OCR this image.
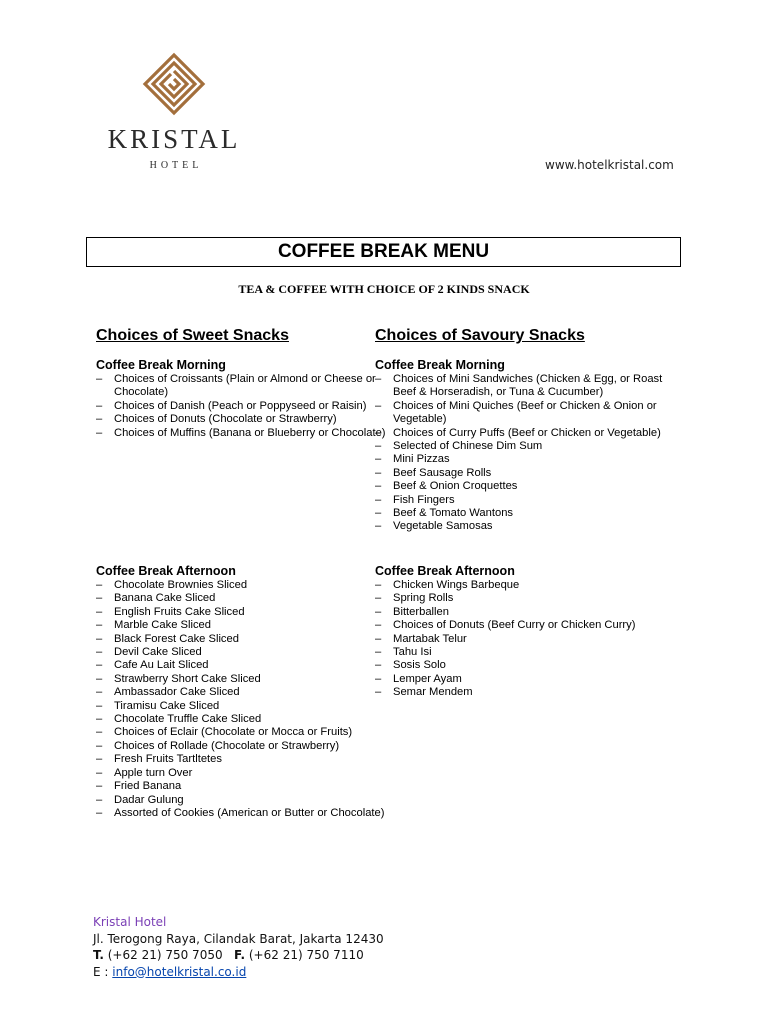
KRISTAL
HOTEL	www.hotelkristal.com
COFFEE BREAK MENU
TEA & COFFEE WITH CHOICE OF 2 KINDS SNACK
Choices of Sweet Snacks
Coffee Break Morning
– Choices of Croissants (Plain or Almond or Cheese or Chocolate)
– Choices of Danish (Peach or Poppyseed or Raisin)
– Choices of Donuts (Chocolate or Strawberry)
– Choices of Muffins (Banana or Blueberry or Chocolate)
Coffee Break Afternoon
– Chocolate Brownies Sliced
– Banana Cake Sliced
– English Fruits Cake Sliced
– Marble Cake Sliced
– Black Forest Cake Sliced
– Devil Cake Sliced
– Cafe Au Lait Sliced
– Strawberry Short Cake Sliced
– Ambassador Cake Sliced
– Tiramisu Cake Sliced
– Chocolate Truffle Cake Sliced
– Choices of Eclair (Chocolate or Mocca or Fruits)
– Choices of Rollade (Chocolate or Strawberry)
– Fresh Fruits Tartltetes
– Apple turn Over
– Fried Banana
– Dadar Gulung
– Assorted of Cookies (American or Butter or Chocolate)
Choices of Savoury Snacks
Coffee Break Morning
– Choices of Mini Sandwiches (Chicken & Egg, or Roast Beef & Horseradish, or Tuna & Cucumber)
– Choices of Mini Quiches (Beef or Chicken & Onion or Vegetable)
– Choices of Curry Puffs (Beef or Chicken or Vegetable)
– Selected of Chinese Dim Sum
– Mini Pizzas
– Beef Sausage Rolls
– Beef & Onion Croquettes
– Fish Fingers
– Beef & Tomato Wantons
– Vegetable Samosas
Coffee Break Afternoon
– Chicken Wings Barbeque
– Spring Rolls
– Bitterballen
– Choices of Donuts (Beef Curry or Chicken Curry)
– Martabak Telur
– Tahu Isi
– Sosis Solo
– Lemper Ayam
– Semar Mendem
Kristal Hotel
Jl. Terogong Raya, Cilandak Barat, Jakarta 12430
T. (+62 21) 750 7050 F. (+62 21) 750 7110
E : info@hotelkristal.co.id
